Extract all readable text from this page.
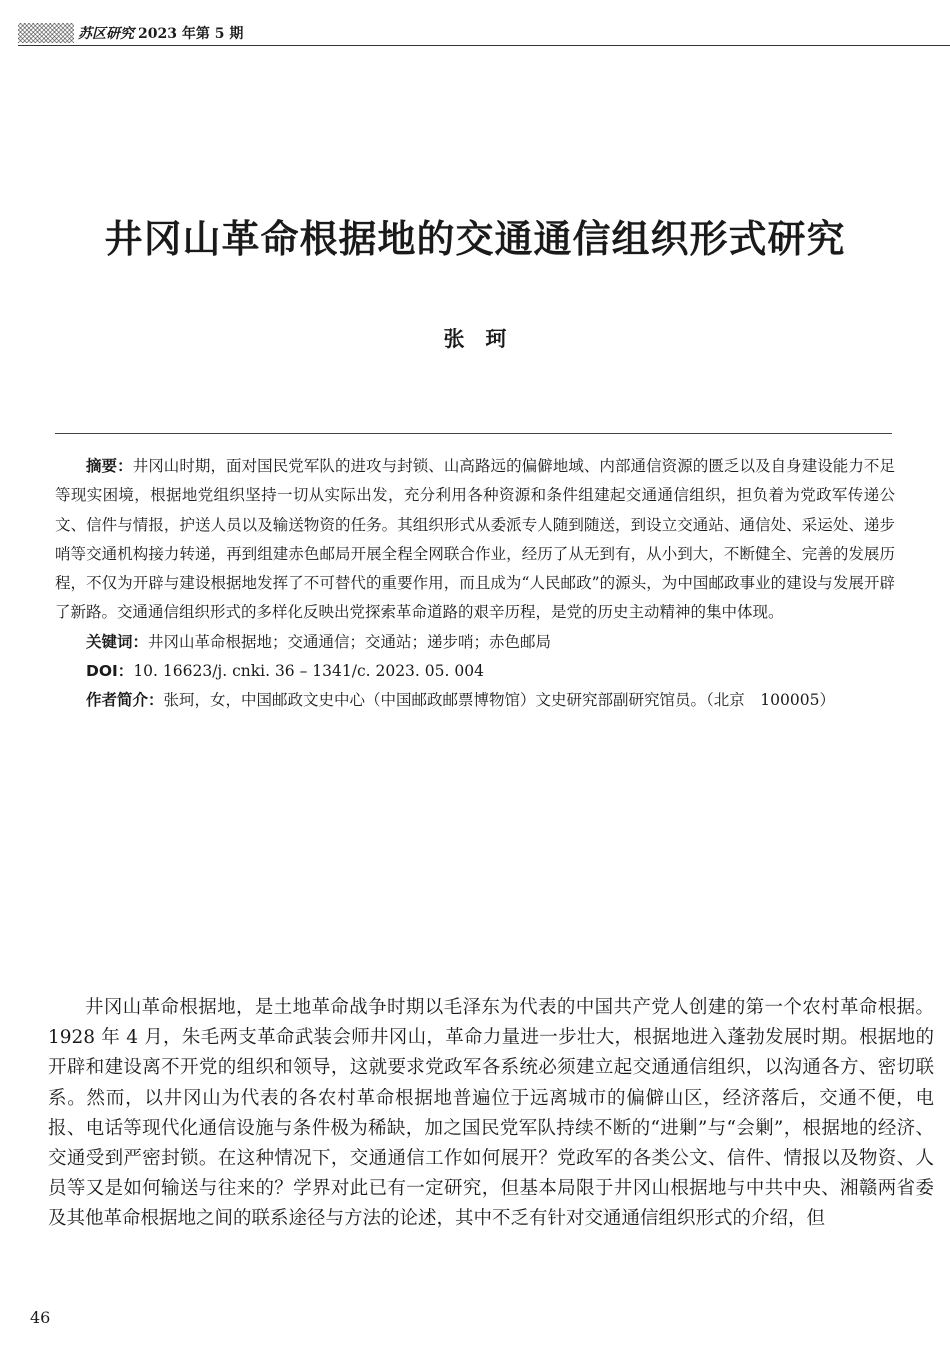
苏区研究 2023 年第 5 期
井冈山革命根据地的交通通信组织形式研究
张　珂

摘要：井冈山时期，面对国民党军队的进攻与封锁、山高路远的偏僻地域、内部通信资源的匮乏以及自身建设能力不足等现实困境，根据地党组织坚持一切从实际出发，充分利用各种资源和条件组建起交通通信组织，担负着为党政军传递公文、信件与情报，护送人员以及输送物资的任务。其组织形式从委派专人随到随送，到设立交通站、通信处、采运处、递步哨等交通机构接力转递，再到组建赤色邮局开展全程全网联合作业，经历了从无到有，从小到大，不断健全、完善的发展历程，不仅为开辟与建设根据地发挥了不可替代的重要作用，而且成为“人民邮政”的源头，为中国邮政事业的建设与发展开辟了新路。交通通信组织形式的多样化反映出党探索革命道路的艰辛历程，是党的历史主动精神的集中体现。

关键词：井冈山革命根据地；交通通信；交通站；递步哨；赤色邮局

DOI：10. 16623/j. cnki. 36 – 1341/c. 2023. 05. 004

作者简介：张珂，女，中国邮政文史中心（中国邮政邮票博物馆）文史研究部副研究馆员。（北京　100005）

井冈山革命根据地，是土地革命战争时期以毛泽东为代表的中国共产党人创建的第一个农村革命根据。1928 年 4 月，朱毛两支革命武装会师井冈山，革命力量进一步壮大，根据地进入蓬勃发展时期。根据地的开辟和建设离不开党的组织和领导，这就要求党政军各系统必须建立起交通通信组织，以沟通各方、密切联系。然而，以井冈山为代表的各农村革命根据地普遍位于远离城市的偏僻山区，经济落后，交通不便，电报、电话等现代化通信设施与条件极为稀缺，加之国民党军队持续不断的“进剿”与“会剿”，根据地的经济、交通受到严密封锁。在这种情况下，交通通信工作如何展开？党政军的各类公文、信件、情报以及物资、人员等又是如何输送与往来的？学界对此已有一定研究，但基本局限于井冈山根据地与中共中央、湘赣两省委及其他革命根据地之间的联系途径与方法的论述，其中不乏有针对交通通信组织形式的介绍，但

46
